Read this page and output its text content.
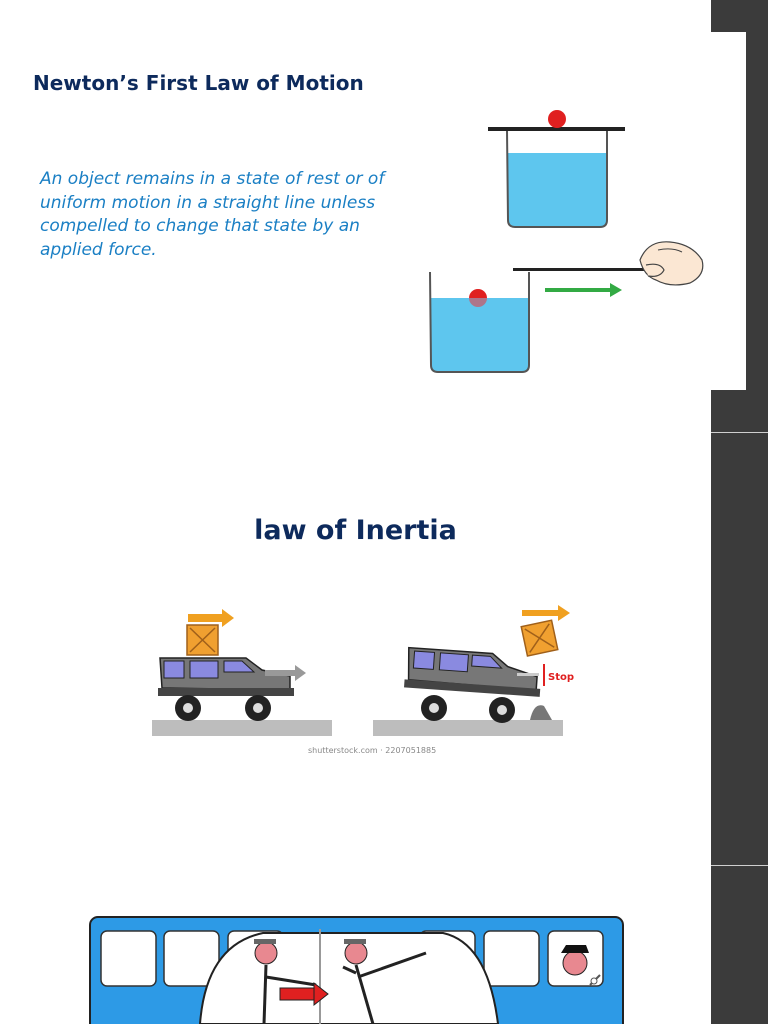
Newton’s First Law of Motion
An object remains in a state of rest or of uniform motion in a straight line unless compelled to change that state by an applied force.
law of Inertia
Stop
shutterstock.com · 2207051885
